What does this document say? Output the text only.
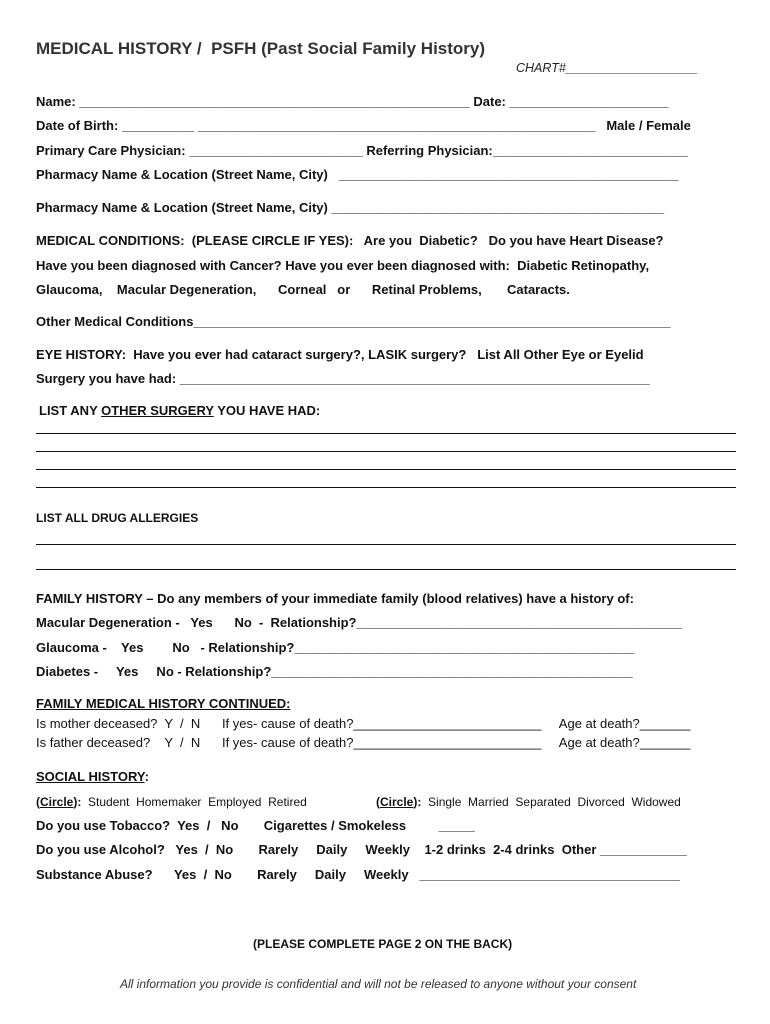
MEDICAL HISTORY /  PSFH (Past Social Family History)
CHART#___________________
Name: ______________________________________________________ Date: ______________________
Date of Birth: __________ _______________________________________________________   Male / Female
Primary Care Physician: ________________________ Referring Physician:___________________________
Pharmacy Name & Location (Street Name, City)   _______________________________________________
Pharmacy Name & Location (Street Name, City) ______________________________________________
MEDICAL CONDITIONS:  (PLEASE CIRCLE IF YES):   Are you  Diabetic?   Do you have Heart Disease?
Have you been diagnosed with Cancer? Have you ever been diagnosed with:  Diabetic Retinopathy,
Glaucoma,    Macular Degeneration,      Corneal   or      Retinal Problems,       Cataracts.
Other Medical Conditions__________________________________________________________________
EYE HISTORY:  Have you ever had cataract surgery?, LASIK surgery?   List All Other Eye or Eyelid
Surgery you have had: _________________________________________________________________
LIST ANY OTHER SURGERY YOU HAVE HAD:
LIST ALL DRUG ALLERGIES
FAMILY HISTORY – Do any members of your immediate family (blood relatives) have a history of:
Macular Degeneration -   Yes      No  -  Relationship?_____________________________________________
Glaucoma -    Yes        No   - Relationship?_______________________________________________
Diabetes -     Yes     No - Relationship?__________________________________________________
FAMILY MEDICAL HISTORY CONTINUED:
Is mother deceased?  Y  /  N      If yes- cause of death?__________________________     Age at death?_______
Is father deceased?    Y  /  N      If yes- cause of death?__________________________     Age at death?_______
SOCIAL HISTORY:
(Circle):  Student  Homemaker  Employed  Retired	(Circle):  Single  Married  Separated  Divorced  Widowed
Do you use Tobacco?  Yes  /   No       Cigarettes / Smokeless         _____
Do you use Alcohol?   Yes  /  No       Rarely     Daily     Weekly    1-2 drinks  2-4 drinks  Other ____________
Substance Abuse?      Yes  /  No       Rarely     Daily     Weekly   ____________________________________
(PLEASE COMPLETE PAGE 2 ON THE BACK)
All information you provide is confidential and will not be released to anyone without your consent
